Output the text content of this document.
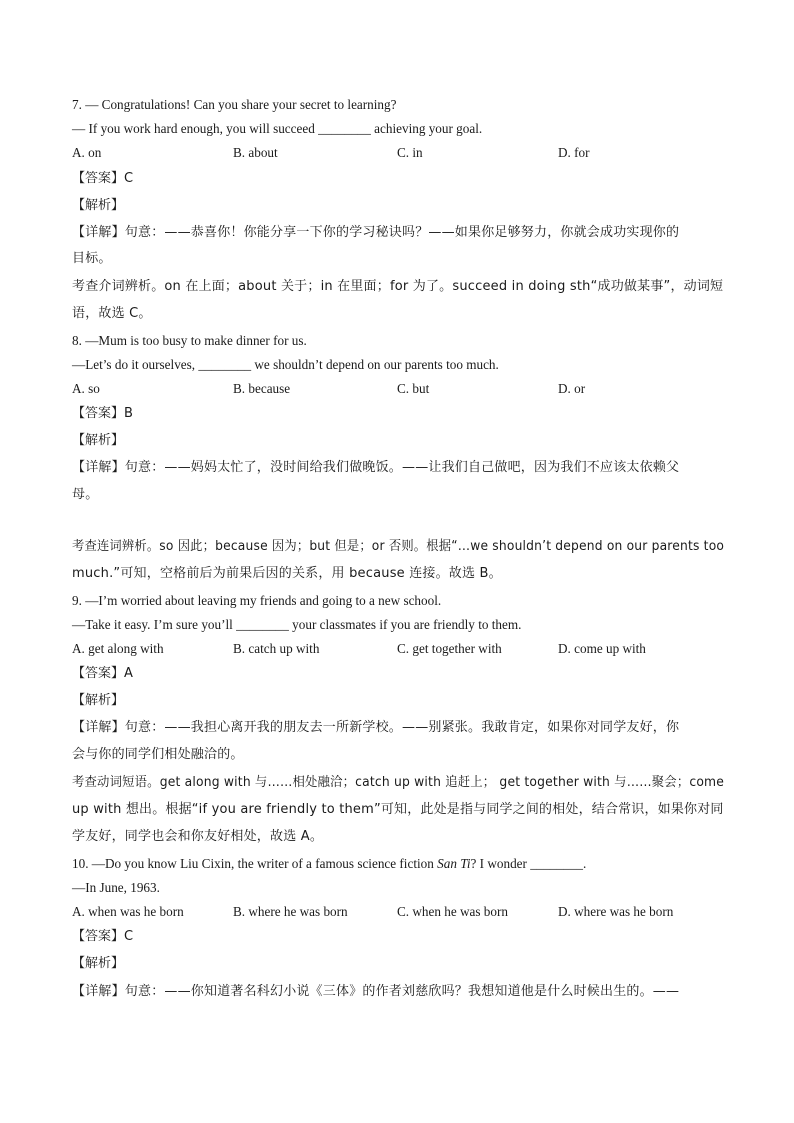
7. — Congratulations! Can you share your secret to learning?
— If you work hard enough, you will succeed ________ achieving your goal.
A. on	B. about	C. in	D. for
【答案】C
【解析】
【详解】句意：——恭喜你！你能分享一下你的学习秘诀吗？——如果你足够努力，你就会成功实现你的
目标。
考查介词辨析。on 在上面；about 关于；in 在里面；for 为了。succeed in doing sth“成功做某事”，动词短
语，故选 C。
8. —Mum is too busy to make dinner for us.
—Let’s do it ourselves, ________ we shouldn’t depend on our parents too much.
A. so	B. because	C. but	D. or
【答案】B
【解析】
【详解】句意：——妈妈太忙了，没时间给我们做晚饭。——让我们自己做吧，因为我们不应该太依赖父
母。
考查连词辨析。so 因此；because 因为；but 但是；or 否则。根据“…we shouldn’t depend on our parents too
much.”可知，空格前后为前果后因的关系，用 because 连接。故选 B。
9. —I’m worried about leaving my friends and going to a new school.
—Take it easy. I’m sure you’ll ________ your classmates if you are friendly to them.
A. get along with	B. catch up with	C. get together with	D. come up with
【答案】A
【解析】
【详解】句意：——我担心离开我的朋友去一所新学校。——别紧张。我敢肯定，如果你对同学友好，你
会与你的同学们相处融洽的。
考查动词短语。get along with 与……相处融洽；catch up with 追赶上； get together with 与……聚会；come
up with 想出。根据“if you are friendly to them”可知，此处是指与同学之间的相处，结合常识，如果你对同
学友好，同学也会和你友好相处，故选 A。
10. —Do you know Liu Cixin, the writer of a famous science fiction San Ti? I wonder ________.
—In June, 1963.
A. when was he born	B. where he was born	C. when he was born	D. where was he born
【答案】C
【解析】
【详解】句意：——你知道著名科幻小说《三体》的作者刘慈欣吗？我想知道他是什么时候出生的。——
